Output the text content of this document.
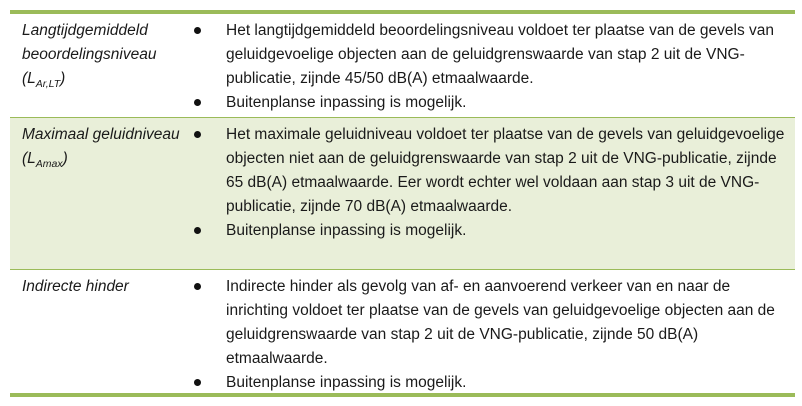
Langtijdgemiddeld beoordelingsniveau
$(L_{Ar,LT})$
Het langtijdgemiddeld beoordelingsniveau voldoet ter plaatse van de gevels van geluidgevoelige objecten aan de geluidgrenswaarde van stap 2 uit de VNG-publicatie, zijnde 45/50 dB(A) etmaalwaarde.
Buitenplanse inpassing is mogelijk.
Maximaal geluidniveau
$(L_{Amax})$
Het maximale geluidniveau voldoet ter plaatse van de gevels van geluidgevoelige objecten niet aan de geluidgrenswaarde van stap 2 uit de VNG-publicatie, zijnde 65 dB(A) etmaalwaarde. Eer wordt echter wel voldaan aan stap 3 uit de VNG-publicatie, zijnde 70 dB(A) etmaalwaarde.
Buitenplanse inpassing is mogelijk.
Indirecte hinder	Indirecte hinder als gevolg van af- en aanvoerend verkeer van en naar de inrichting voldoet ter plaatse van de gevels van geluidgevoelige objecten aan de geluidgrenswaarde van stap 2 uit de VNG-publicatie, zijnde 50 dB(A) etmaalwaarde.
Buitenplanse inpassing is mogelijk.
